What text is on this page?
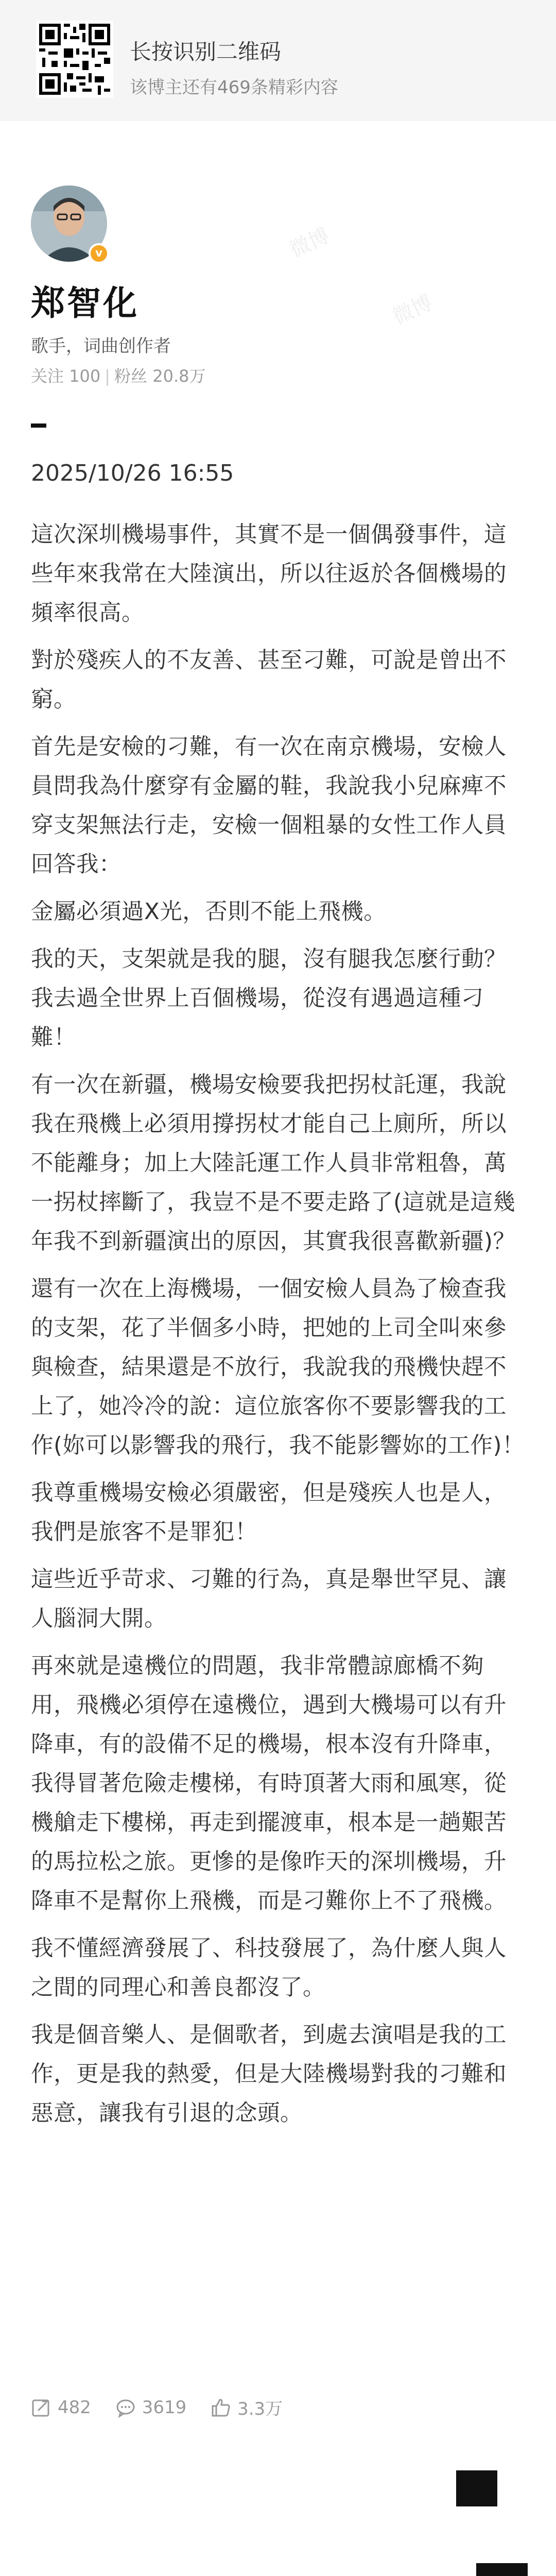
长按识别二维码
该博主还有469条精彩内容
微博
微博
v
郑智化
歌手，词曲创作者
关注 100 | 粉丝 20.8万
2025/10/26 16:55

這次深圳機場事件，其實不是一個偶發事件，這些年來我常在大陸演出，所以往返於各個機場的頻率很高。

對於殘疾人的不友善、甚至刁難，可說是曾出不窮。

首先是安檢的刁難，有一次在南京機場，安檢人員問我為什麼穿有金屬的鞋，我說我小兒麻痺不穿支架無法行走，安檢一個粗暴的女性工作人員回答我：

金屬必須過X光，否則不能上飛機。

我的天，支架就是我的腿，沒有腿我怎麼行動？我去過全世界上百個機場，從沒有遇過這種刁難！

有一次在新疆，機場安檢要我把拐杖託運，我說我在飛機上必須用撐拐杖才能自己上廁所，所以不能離身；加上大陸託運工作人員非常粗魯，萬一拐杖摔斷了，我豈不是不要走路了(這就是這幾年我不到新疆演出的原因，其實我很喜歡新疆)？

還有一次在上海機場，一個安檢人員為了檢查我的支架，花了半個多小時，把她的上司全叫來參與檢查，結果還是不放行，我說我的飛機快趕不上了，她冷冷的說：這位旅客你不要影響我的工作(妳可以影響我的飛行，我不能影響妳的工作)！

我尊重機場安檢必須嚴密，但是殘疾人也是人，我們是旅客不是罪犯！

這些近乎苛求、刁難的行為，真是舉世罕見、讓人腦洞大開。

再來就是遠機位的問題，我非常體諒廊橋不夠用，飛機必須停在遠機位，遇到大機場可以有升降車，有的設備不足的機場，根本沒有升降車，我得冒著危險走樓梯，有時頂著大雨和風寒，從機艙走下樓梯，再走到擺渡車，根本是一趟艱苦的馬拉松之旅。更慘的是像昨天的深圳機場，升降車不是幫你上飛機，而是刁難你上不了飛機。

我不懂經濟發展了、科技發展了，為什麼人與人之間的同理心和善良都沒了。

我是個音樂人、是個歌者，到處去演唱是我的工作，更是我的熱愛，但是大陸機場對我的刁難和惡意，讓我有引退的念頭。

482
	3619
	3.3万
